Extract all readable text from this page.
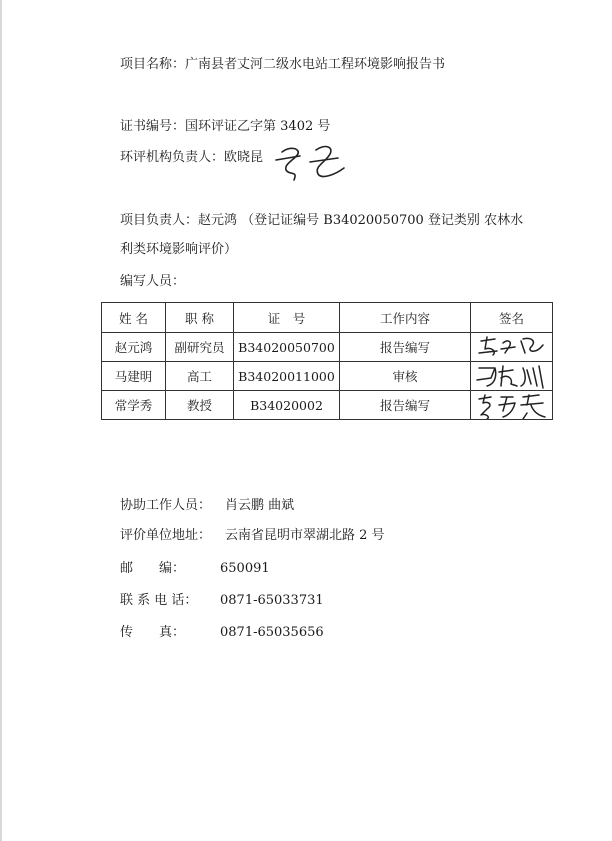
项目名称：广南县者丈河二级水电站工程环境影响报告书
证书编号：国环评证乙字第 3402 号
环评机构负责人：欧晓昆
项目负责人：赵元鸿 （登记证编号 B34020050700 登记类别 农林水
利类环境影响评价）
编写人员：
姓 名	职 称	证　号	工作内容	签名
赵元鸿	副研究员	B34020050700	报告编写	

马建明	高工	B34020011000	审核	

常学秀	教授	B34020002	报告编写	
协助工作人员： 肖云鹏 曲斌
评价单位地址： 云南省昆明市翠湖北路 2 号
邮　　编：	650091
联 系 电 话： 0871-65033731
传　　真：	0871-65035656
